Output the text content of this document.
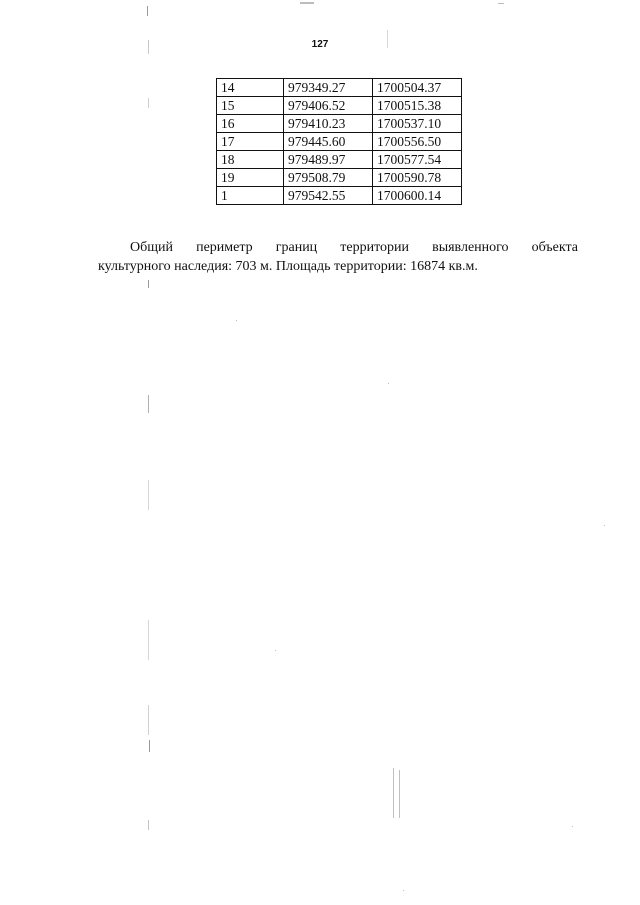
127
14	979349.27	1700504.37
15	979406.52	1700515.38
16	979410.23	1700537.10
17	979445.60	1700556.50
18	979489.97	1700577.54
19	979508.79	1700590.78
1	979542.55	1700600.14
Общий периметр границ территории выявленного объекта
культурного наследия: 703 м. Площадь территории: 16874 кв.м.
